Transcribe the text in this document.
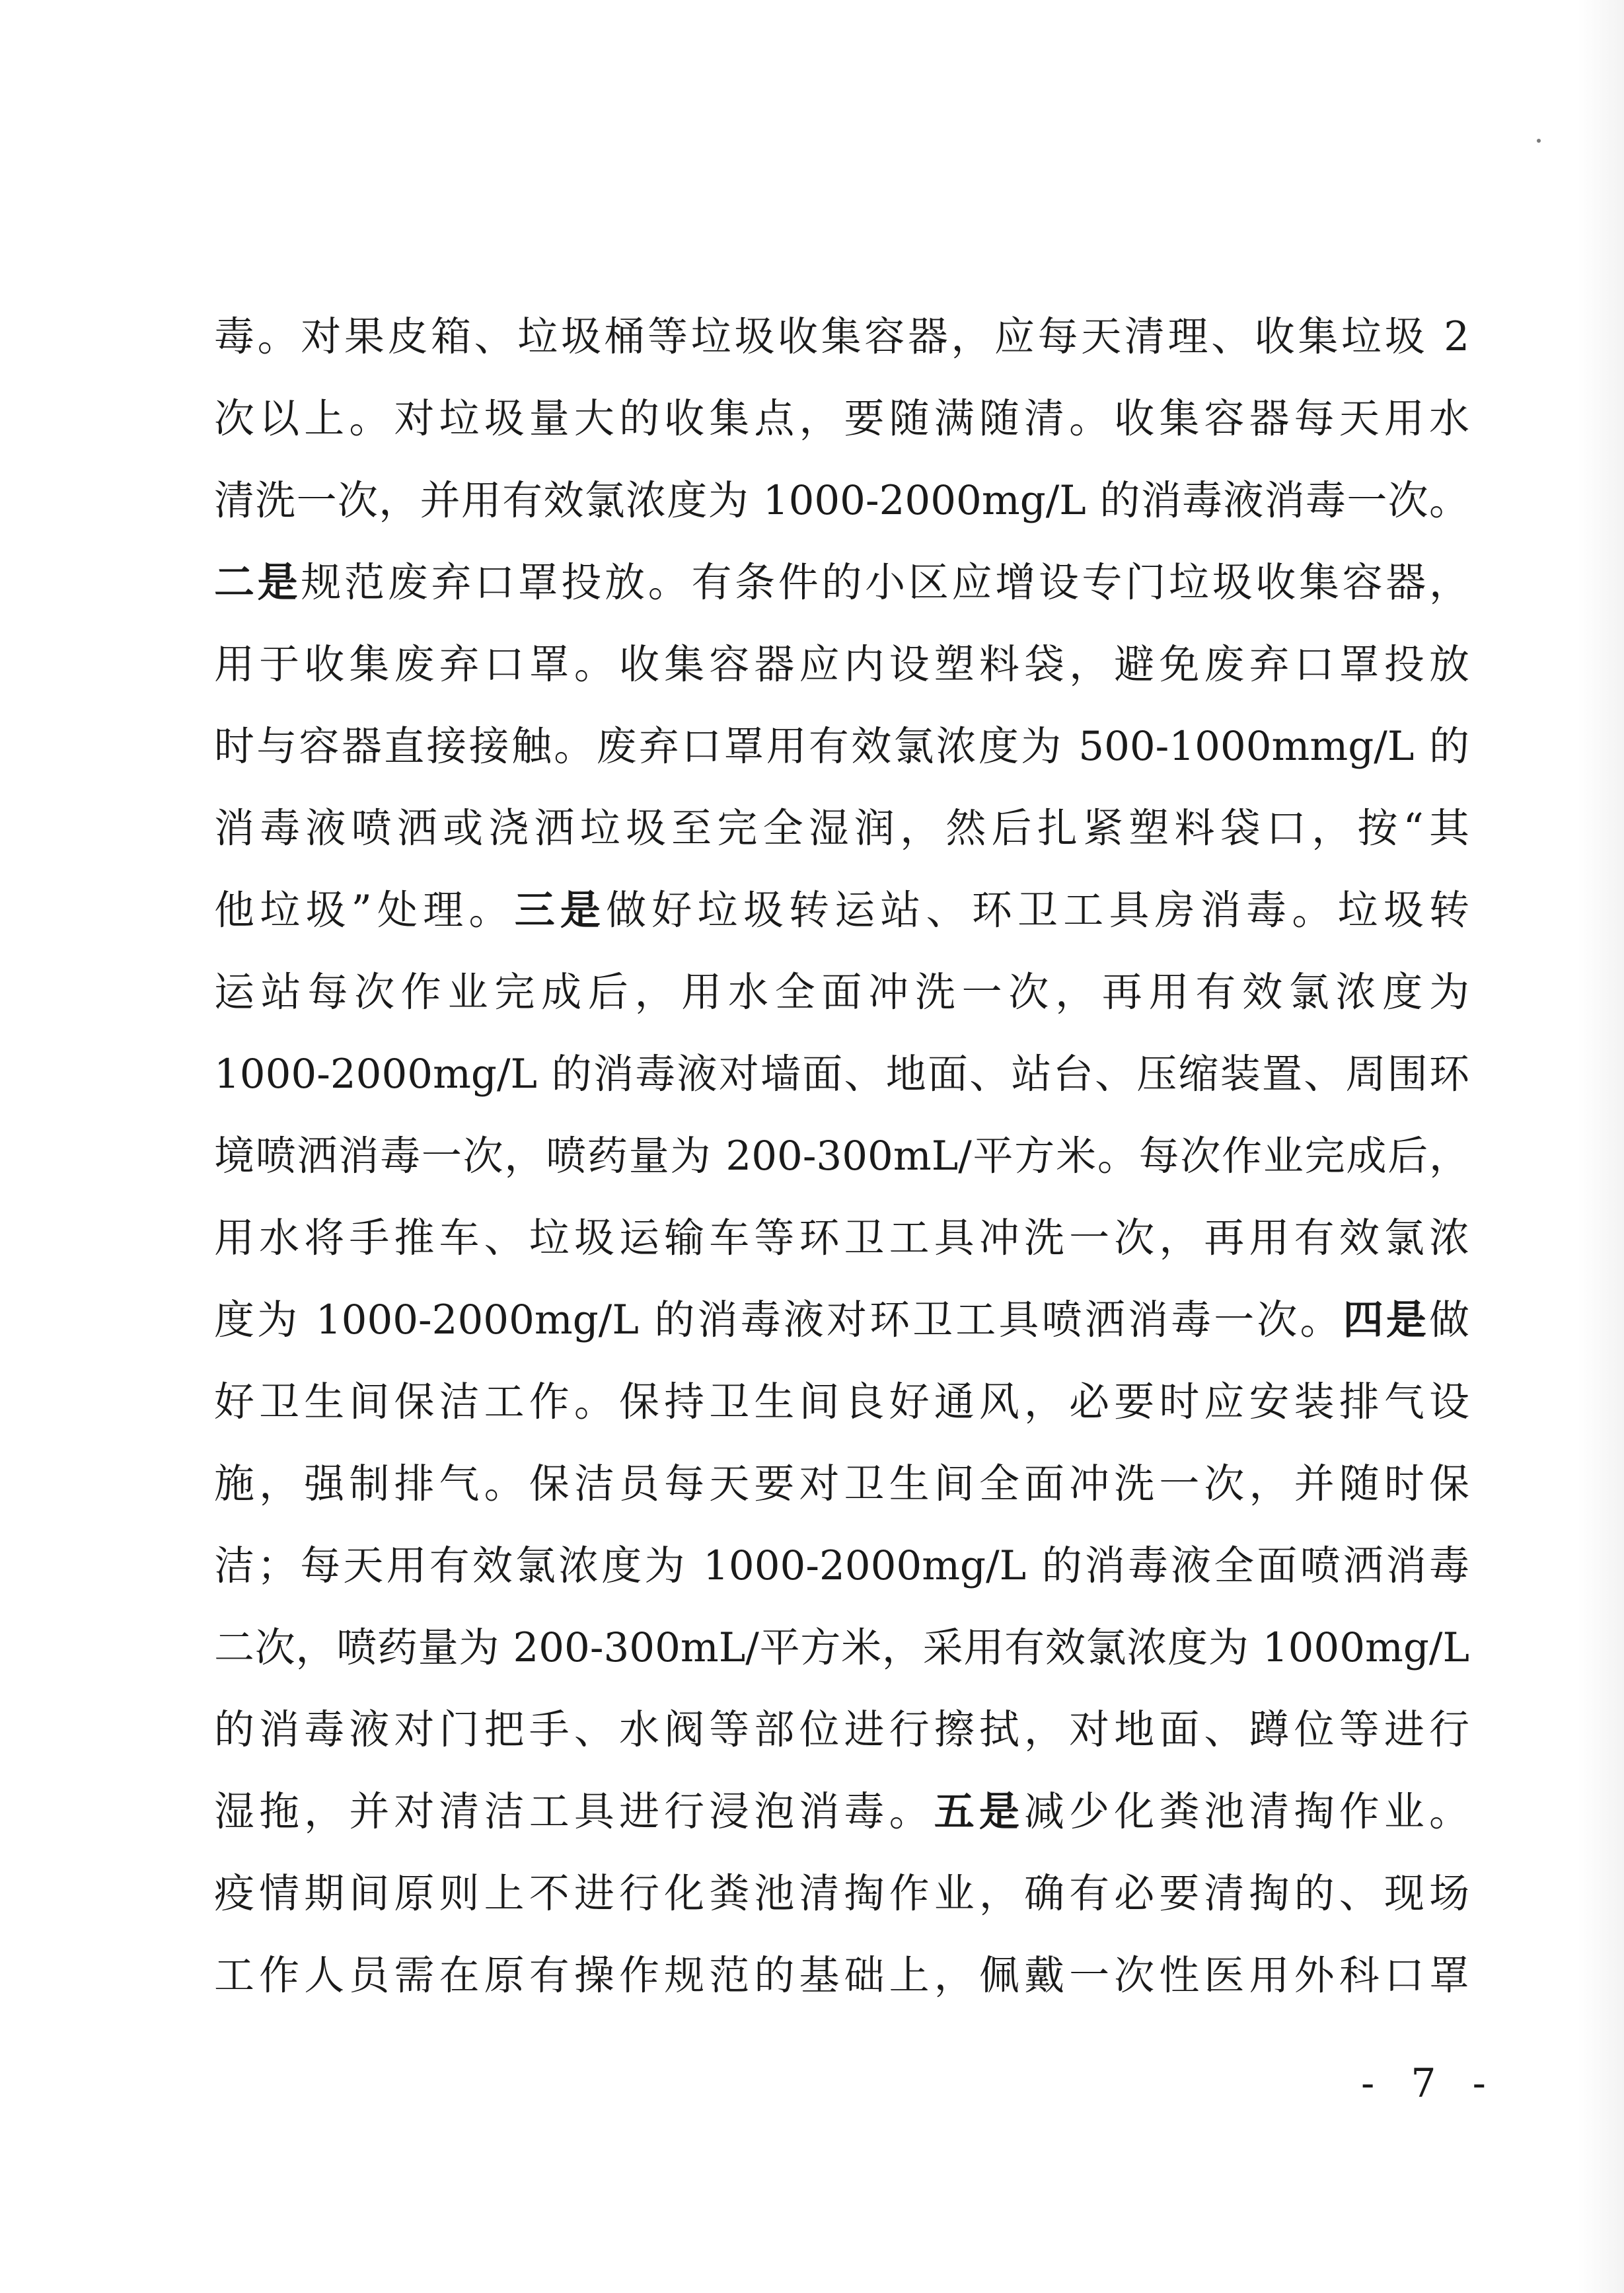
毒。对果皮箱、垃圾桶等垃圾收集容器，应每天清理、收集垃圾 2
次以上。对垃圾量大的收集点，要随满随清。收集容器每天用水
清洗一次，并用有效氯浓度为 1000-2000mg/L 的消毒液消毒一次。
二是规范废弃口罩投放。有条件的小区应增设专门垃圾收集容器，
用于收集废弃口罩。收集容器应内设塑料袋，避免废弃口罩投放
时与容器直接接触。废弃口罩用有效氯浓度为 500-1000mmg/L 的
消毒液喷洒或浇洒垃圾至完全湿润，然后扎紧塑料袋口，按“其
他垃圾”处理。三是做好垃圾转运站、环卫工具房消毒。垃圾转
运站每次作业完成后，用水全面冲洗一次，再用有效氯浓度为
1000-2000mg/L 的消毒液对墙面、地面、站台、压缩装置、周围环
境喷洒消毒一次，喷药量为 200-300mL/平方米。每次作业完成后，
用水将手推车、垃圾运输车等环卫工具冲洗一次，再用有效氯浓
度为 1000-2000mg/L 的消毒液对环卫工具喷洒消毒一次。四是做
好卫生间保洁工作。保持卫生间良好通风，必要时应安装排气设
施，强制排气。保洁员每天要对卫生间全面冲洗一次，并随时保
洁；每天用有效氯浓度为 1000-2000mg/L 的消毒液全面喷洒消毒
二次，喷药量为 200-300mL/平方米，采用有效氯浓度为 1000mg/L
的消毒液对门把手、水阀等部位进行擦拭，对地面、蹲位等进行
湿拖，并对清洁工具进行浸泡消毒。五是减少化粪池清掏作业。
疫情期间原则上不进行化粪池清掏作业，确有必要清掏的、现场
工作人员需在原有操作规范的基础上，佩戴一次性医用外科口罩
- 7 -
